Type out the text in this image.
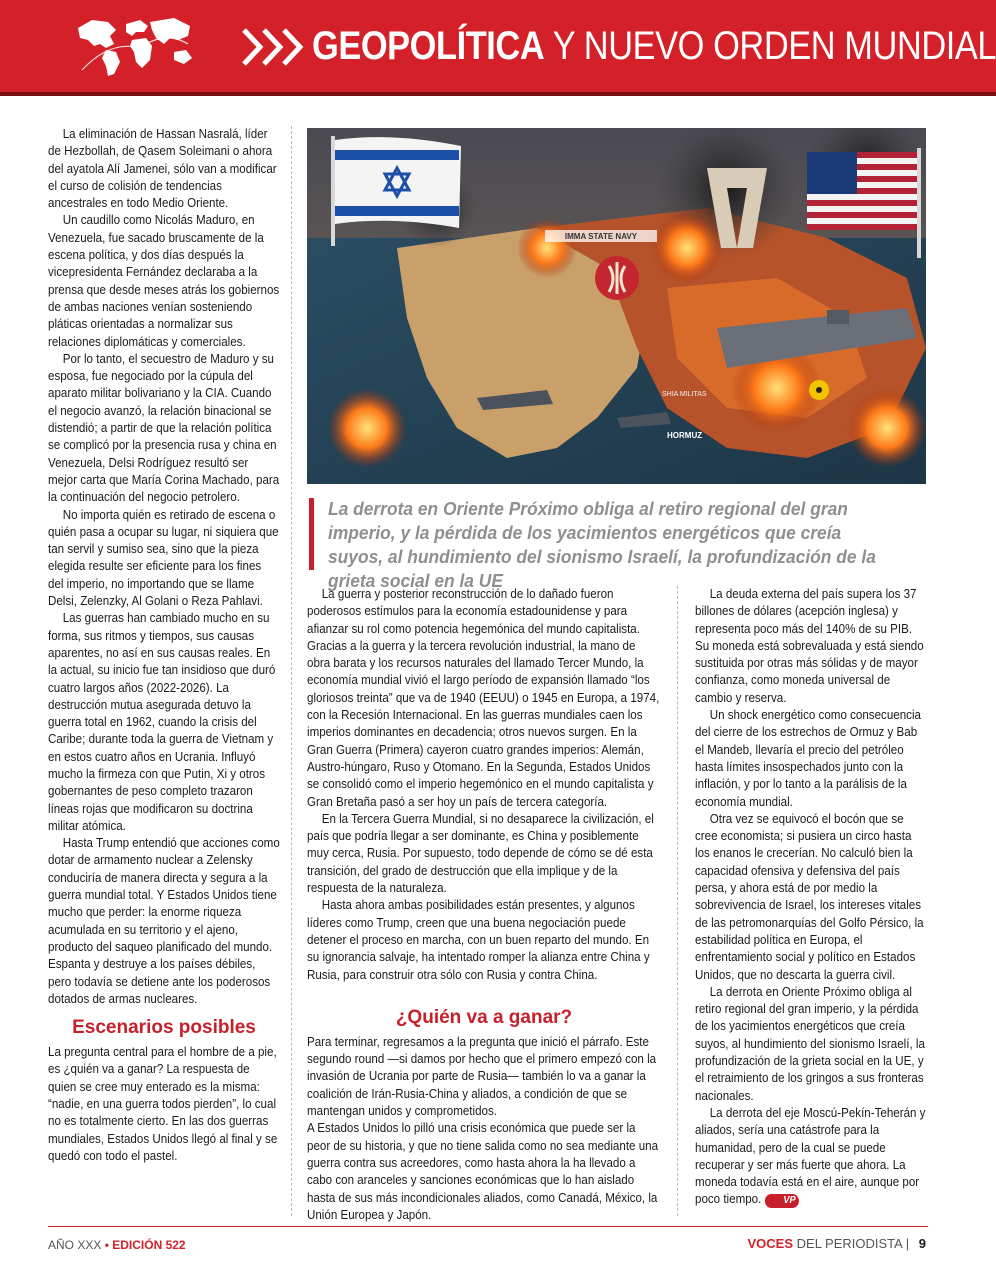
GEOPOLÍTICA Y NUEVO ORDEN MUNDIAL

La eliminación de Hassan Nasralá, líder de Hezbollah, de Qasem Soleimani o ahora del ayatola Alí Jamenei, sólo van a modificar el curso de colisión de tendencias ancestrales en todo Medio Oriente.

Un caudillo como Nicolás Maduro, en Venezuela, fue sacado bruscamente de la escena política, y dos días después la vicepresidenta Fernández declaraba a la prensa que desde meses atrás los gobiernos de ambas naciones venían sosteniendo pláticas orientadas a normalizar sus relaciones diplomáticas y comerciales.

Por lo tanto, el secuestro de Maduro y su esposa, fue negociado por la cúpula del aparato militar bolivariano y la CIA. Cuando el negocio avanzó, la relación binacional se distendió; a partir de que la relación política se complicó por la presencia rusa y china en Venezuela, Delsi Rodríguez resultó ser mejor carta que María Corina Machado, para la continuación del negocio petrolero.

No importa quién es retirado de escena o quién pasa a ocupar su lugar, ni siquiera que tan servil y sumiso sea, sino que la pieza elegida resulte ser eficiente para los fines del imperio, no importando que se llame Delsi, Zelenzky, Al Golani o Reza Pahlavi.

Las guerras han cambiado mucho en su forma, sus ritmos y tiempos, sus causas aparentes, no así en sus causas reales. En la actual, su inicio fue tan insidioso que duró cuatro largos años (2022-2026). La destrucción mutua asegurada detuvo la guerra total en 1962, cuando la crisis del Caribe; durante toda la guerra de Vietnam y en estos cuatro años en Ucrania. Influyó mucho la firmeza con que Putin, Xi y otros gobernantes de peso completo trazaron líneas rojas que modificaron su doctrina militar atómica.

Hasta Trump entendió que acciones como dotar de armamento nuclear a Zelensky conduciría de manera directa y segura a la guerra mundial total. Y Estados Unidos tiene mucho que perder: la enorme riqueza acumulada en su territorio y el ajeno, producto del saqueo planificado del mundo. Espanta y destruye a los países débiles, pero todavía se detiene ante los poderosos dotados de armas nucleares.

Escenarios posibles

La pregunta central para el hombre de a pie, es ¿quién va a ganar? La respuesta de quien se cree muy enterado es la misma: “nadie, en una guerra todos pierden”, lo cual no es totalmente cierto. En las dos guerras mundiales, Estados Unidos llegó al final y se quedó con todo el pastel.

IMMA STATE NAVY
SHIA MILITAS
HORMUZ
La derrota en Oriente Próximo obliga al retiro regional del gran imperio, y la pérdida de los yacimientos energéticos que creía suyos, al hundimiento del sionismo Israelí, la profundización de la grieta social en la UE

La guerra y posterior reconstrucción de lo dañado fueron poderosos estímulos para la economía estadounidense y para afianzar su rol como potencia hegemónica del mundo capitalista. Gracias a la guerra y la tercera revolución industrial, la mano de obra barata y los recursos naturales del llamado Tercer Mundo, la economía mundial vivió el largo período de expansión llamado “los gloriosos treinta” que va de 1940 (EEUU) o 1945 en Europa, a 1974, con la Recesión Internacional. En las guerras mundiales caen los imperios dominantes en decadencia; otros nuevos surgen. En la Gran Guerra (Primera) cayeron cuatro grandes imperios: Alemán, Austro-húngaro, Ruso y Otomano. En la Segunda, Estados Unidos se consolidó como el imperio hegemónico en el mundo capitalista y Gran Bretaña pasó a ser hoy un país de tercera categoría.

En la Tercera Guerra Mundial, si no desaparece la civilización, el país que podría llegar a ser dominante, es China y posiblemente muy cerca, Rusia. Por supuesto, todo depende de cómo se dé esta transición, del grado de destrucción que ella implique y de la respuesta de la naturaleza.

Hasta ahora ambas posibilidades están presentes, y algunos líderes como Trump, creen que una buena negociación puede detener el proceso en marcha, con un buen reparto del mundo. En su ignorancia salvaje, ha intentado romper la alianza entre China y Rusia, para construir otra sólo con Rusia y contra China.

¿Quién va a ganar?

Para terminar, regresamos a la pregunta que inició el párrafo. Este segundo round —si damos por hecho que el primero empezó con la invasión de Ucrania por parte de Rusia— también lo va a ganar la coalición de Irán-Rusia-China y aliados, a condición de que se mantengan unidos y comprometidos.

A Estados Unidos lo pilló una crisis económica que puede ser la peor de su historia, y que no tiene salida como no sea mediante una guerra contra sus acreedores, como hasta ahora la ha llevado a cabo con aranceles y sanciones económicas que lo han aislado hasta de sus más incondicionales aliados, como Canadá, México, la Unión Europea y Japón.

La deuda externa del país supera los 37 billones de dólares (acepción inglesa) y representa poco más del 140% de su PIB. Su moneda está sobrevaluada y está siendo sustituida por otras más sólidas y de mayor confianza, como moneda universal de cambio y reserva.

Un shock energético como consecuencia del cierre de los estrechos de Ormuz y Bab el Mandeb, llevaría el precio del petróleo hasta límites insospechados junto con la inflación, y por lo tanto a la parálisis de la economía mundial.

Otra vez se equivocó el bocón que se cree economista; si pusiera un circo hasta los enanos le crecerían. No calculó bien la capacidad ofensiva y defensiva del país persa, y ahora está de por medio la sobrevivencia de Israel, los intereses vitales de las petromonarquías del Golfo Pérsico, la estabilidad política en Europa, el enfrentamiento social y político en Estados Unidos, que no descarta la guerra civil.

La derrota en Oriente Próximo obliga al retiro regional del gran imperio, y la pérdida de los yacimientos energéticos que creía suyos, al hundimiento del sionismo Israelí, la profundización de la grieta social en la UE, y el retraimiento de los gringos a sus fronteras nacionales.

La derrota del eje Moscú-Pekín-Teherán y aliados, sería una catástrofe para la humanidad, pero de la cual se puede recuperar y ser más fuerte que ahora. La moneda todavía está en el aire, aunque por poco tiempo. VP

AÑO XXX • EDICIÓN 522	VOCES DEL PERIODISTA | 9
